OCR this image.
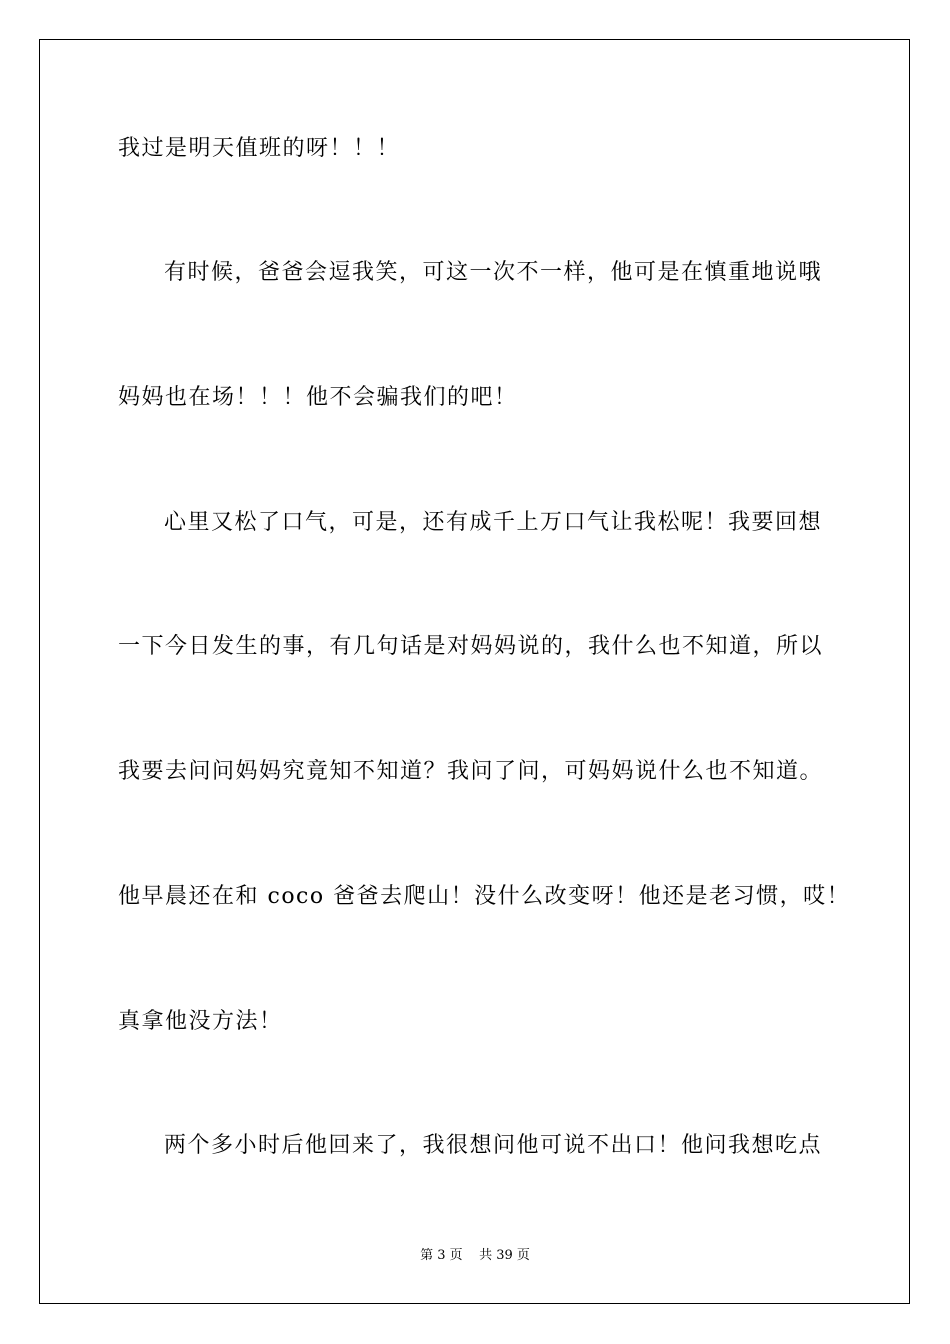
我过是明天值班的呀！！！
有时候，爸爸会逗我笑，可这一次不一样，他可是在慎重地说哦
妈妈也在场！！！他不会骗我们的吧！
心里又松了口气，可是，还有成千上万口气让我松呢！我要回想
一下今日发生的事，有几句话是对妈妈说的，我什么也不知道，所以
我要去问问妈妈究竟知不知道？我问了问，可妈妈说什么也不知道。
他早晨还在和 coco 爸爸去爬山！没什么改变呀！他还是老习惯，哎！
真拿他没方法！
两个多小时后他回来了，我很想问他可说不出口！他问我想吃点
第 3 页    共 39 页
